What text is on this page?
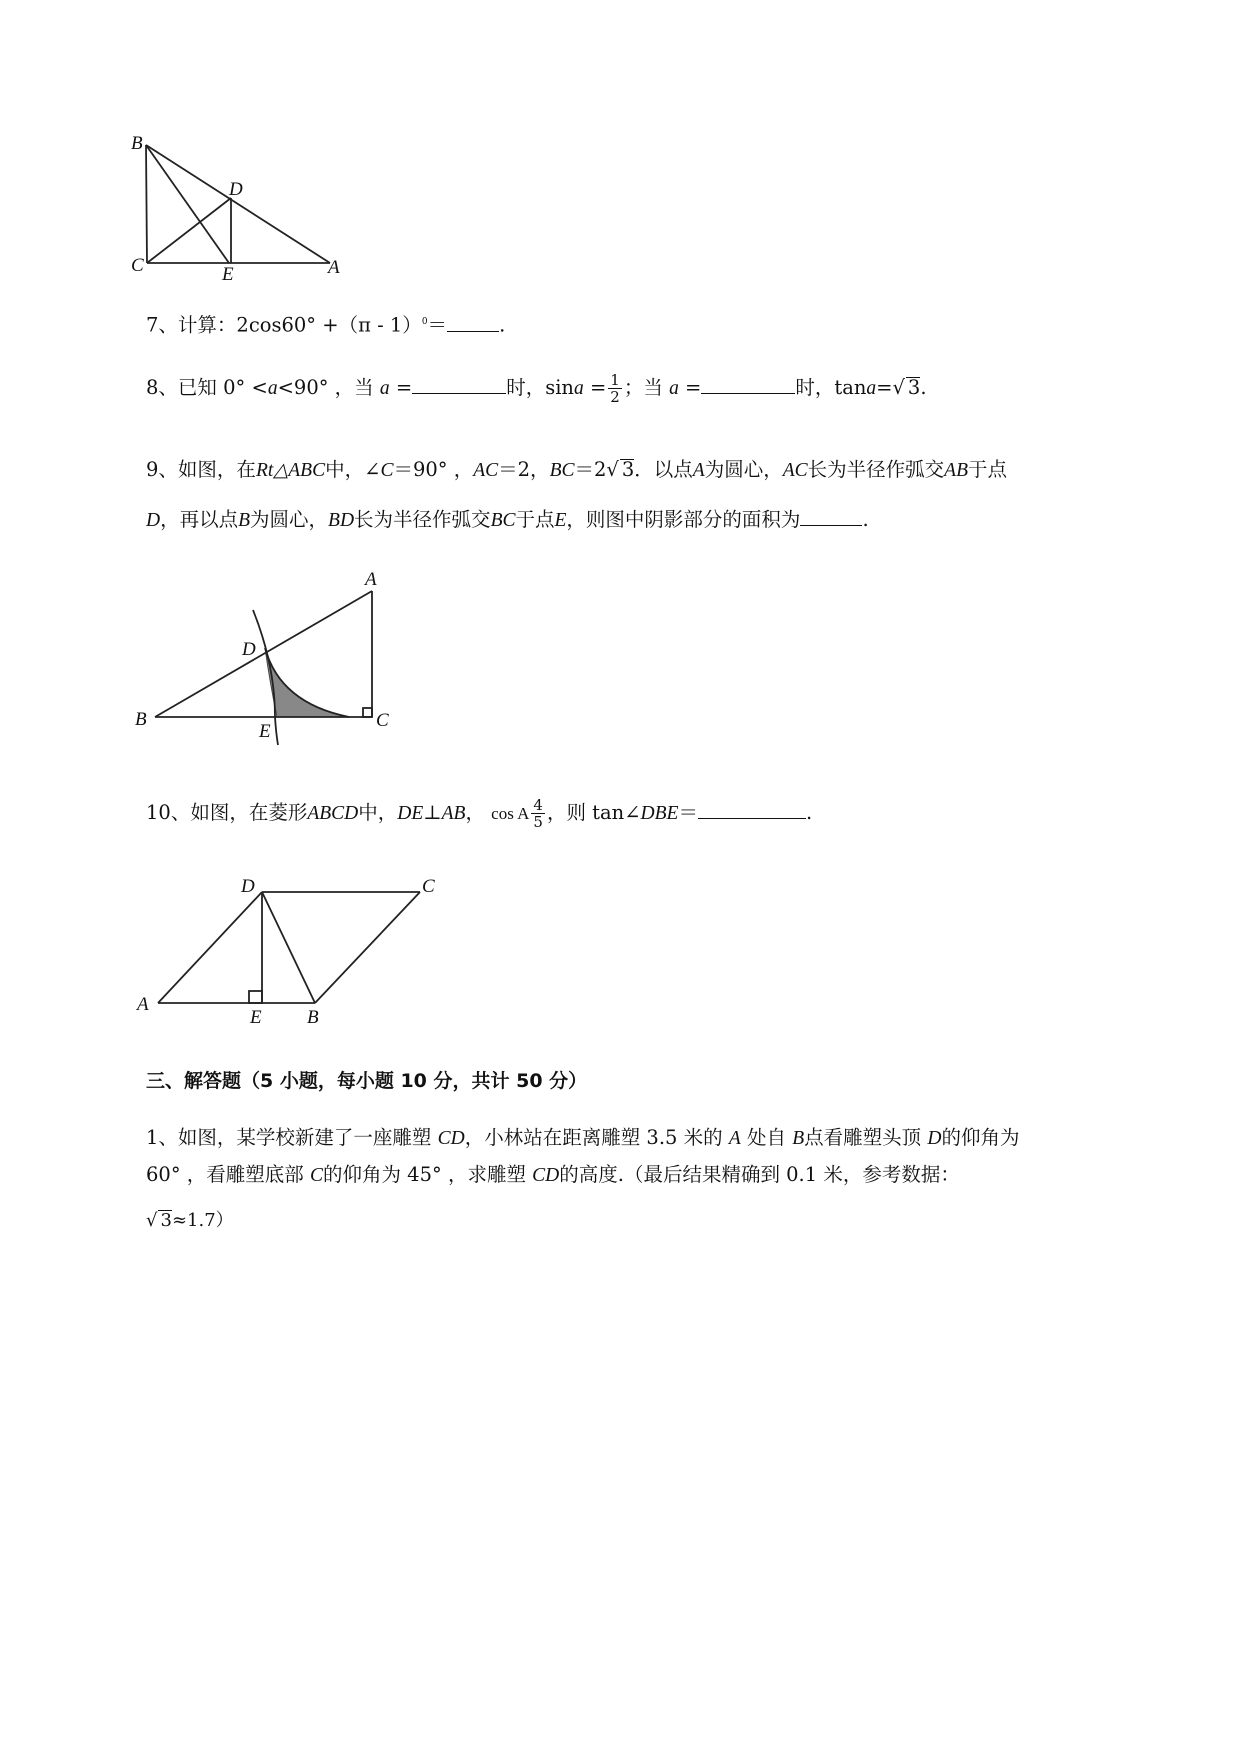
B
D
C	E	A
7、计算：2cos60° +（π - 1）$^0$＝	.
8、已知 0° <a<90° ，当 a =	时，$\sin a = \frac{1}{2}$ ；当 a =	时，tana=√ 3.
9、如图，在Rt△ABC中，∠C＝90° ，AC＝2，BC＝2√ 3．以点A为圆心，AC长为半径作弧交AB于点
D，再以点B为圆心，BD长为半径作弧交BC于点E，则图中阴影部分的面积为	.
A
D
B
E
C
10、如图，在菱形ABCD中，DE⊥AB， cos A $\frac{4}{5}$ ，则 tan∠DBE＝	.
D	C
A
E B
三、解答题（5 小题，每小题 10 分，共计 50 分）
1、如图，某学校新建了一座雕塑 CD，小林站在距离雕塑 3.5 米的 A 处自 B点看雕塑头顶 D的仰角为
60° ，看雕塑底部 C的仰角为 45° ，求雕塑 CD的高度.（最后结果精确到 0.1 米，参考数据：
√ 3≈1.7）
